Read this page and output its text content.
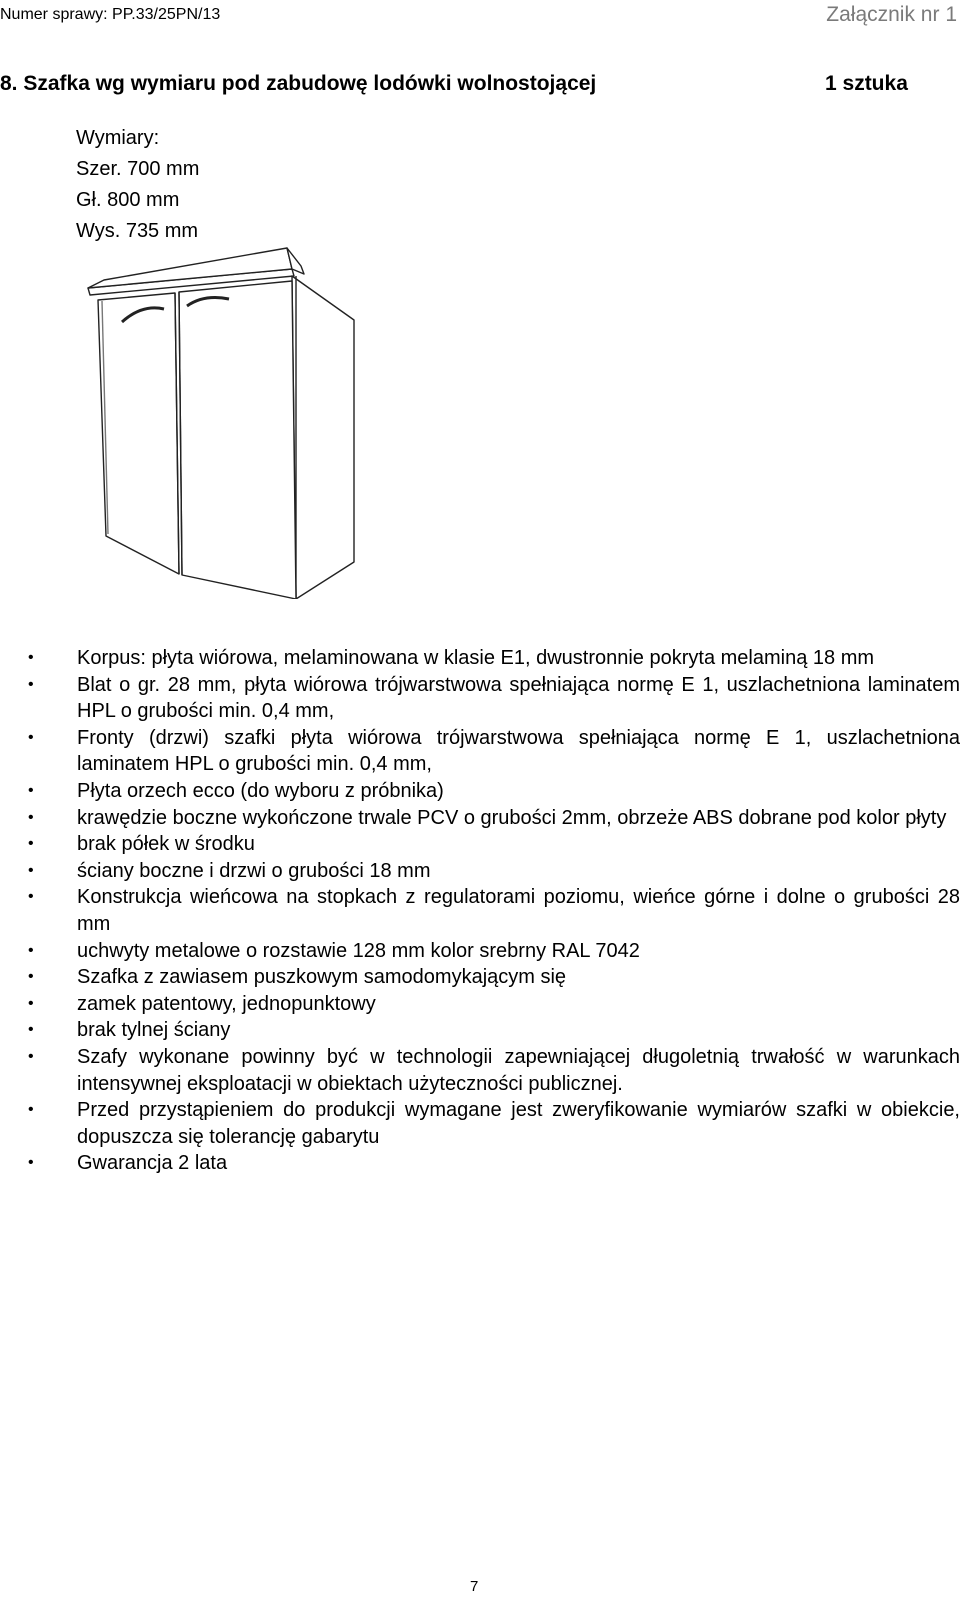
Numer sprawy: PP.33/25PN/13	Załącznik nr 1
8. Szafka wg wymiaru pod zabudowę lodówki wolnostojącej	1 sztuka
Wymiary:
Szer. 700 mm
Gł. 800 mm
Wys. 735 mm
•	Korpus: płyta wiórowa, melaminowana w klasie E1, dwustronnie pokryta melaminą 18 mm
•	Blat o gr. 28 mm, płyta wiórowa trójwarstwowa spełniająca normę E 1, uszlachetniona laminatem HPL o grubości min. 0,4 mm,
•	Fronty (drzwi) szafki płyta wiórowa trójwarstwowa spełniająca normę E 1, uszlachetniona laminatem HPL o grubości min. 0,4 mm,
•	Płyta orzech ecco (do wyboru z próbnika)
•	krawędzie boczne wykończone trwale PCV o grubości 2mm, obrzeże ABS dobrane pod kolor płyty
•	brak półek w środku
•	ściany boczne i drzwi o grubości 18 mm
•	Konstrukcja wieńcowa na stopkach z regulatorami poziomu, wieńce górne i dolne o grubości 28 mm
•	uchwyty metalowe o rozstawie 128 mm kolor srebrny RAL 7042
•	Szafka z zawiasem puszkowym samodomykającym się
•	zamek patentowy, jednopunktowy
•	brak tylnej ściany
•	Szafy wykonane powinny być w technologii zapewniającej długoletnią trwałość w warunkach intensywnej eksploatacji w obiektach użyteczności publicznej.
•	Przed przystąpieniem do produkcji wymagane jest zweryfikowanie wymiarów szafki w obiekcie, dopuszcza się tolerancję gabarytu
•	Gwarancja 2 lata
7
